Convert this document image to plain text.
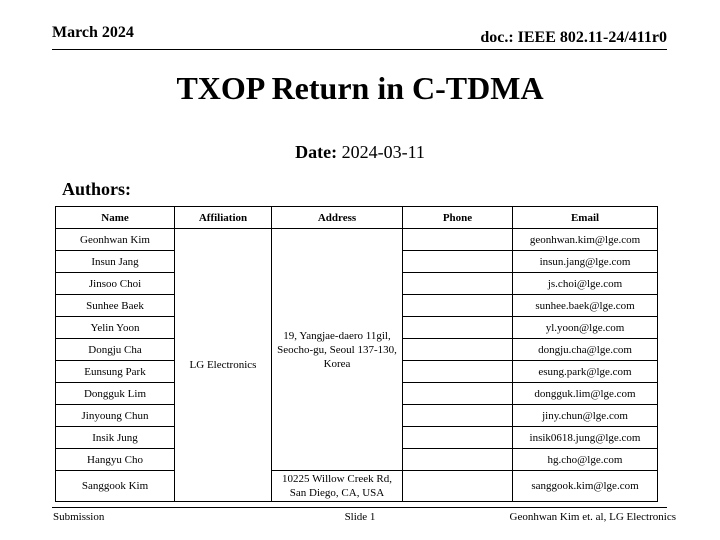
March 2024	doc.: IEEE 802.11-24/411r0
TXOP Return in C-TDMA
Date: 2024-03-11
Authors:
Name	Affiliation	Address	Phone	Email
Geonhwan Kim	LG Electronics	19, Yangjae-daero 11gil, Seocho-gu, Seoul 137-130, Korea		geonhwan.kim@lge.com
Insun Jang				insun.jang@lge.com
Jinsoo Choi				js.choi@lge.com
Sunhee Baek				sunhee.baek@lge.com
Yelin Yoon				yl.yoon@lge.com
Dongju Cha				dongju.cha@lge.com
Eunsung Park				esung.park@lge.com
Dongguk Lim				dongguk.lim@lge.com
Jinyoung Chun				jiny.chun@lge.com
Insik Jung				insik0618.jung@lge.com
Hangyu Cho				hg.cho@lge.com
Sanggook Kim		10225 Willow Creek Rd, San Diego, CA, USA		sanggook.kim@lge.com
Submission	Slide 1	Geonhwan Kim et. al, LG Electronics
